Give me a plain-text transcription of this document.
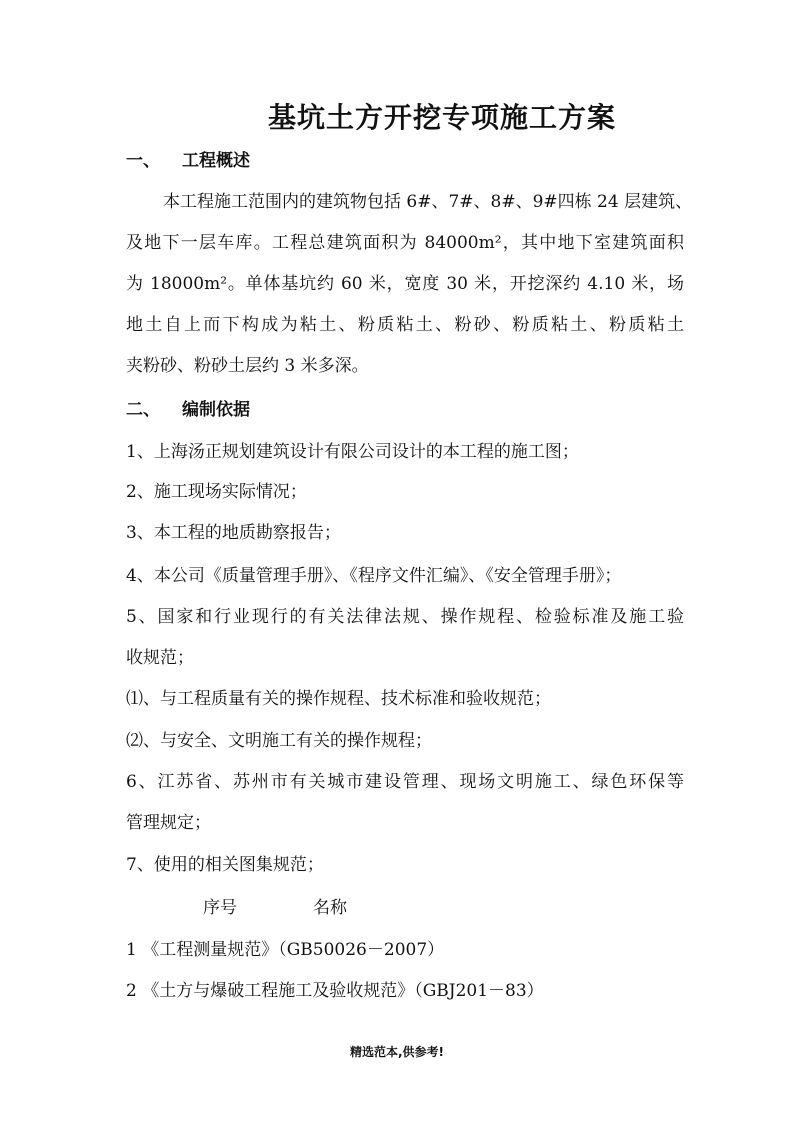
基坑土方开挖专项施工方案
一、 工程概述
本工程施工范围内的建筑物包括 6#、7#、8#、9#四栋 24 层建筑、
及地下一层车库。工程总建筑面积为 84000m²，其中地下室建筑面积
为 18000m²。单体基坑约 60 米，宽度 30 米，开挖深约 4.10 米，场
地土自上而下构成为粘土、粉质粘土、粉砂、粉质粘土、粉质粘土
夹粉砂、粉砂土层约 3 米多深。
二、 编制依据
1、上海汤正规划建筑设计有限公司设计的本工程的施工图；
2、施工现场实际情况；
3、本工程的地质勘察报告；
4、本公司《质量管理手册》、《程序文件汇编》、《安全管理手册》；
5、国家和行业现行的有关法律法规、操作规程、检验标准及施工验
收规范；
⑴、与工程质量有关的操作规程、技术标准和验收规范；
⑵、与安全、文明施工有关的操作规程；
6、江苏省、苏州市有关城市建设管理、现场文明施工、绿色环保等
管理规定；
7、使用的相关图集规范；
序号	名称
1 《工程测量规范》（GB50026－2007）
2 《土方与爆破工程施工及验收规范》（GBJ201－83）
精选范本,供参考!
